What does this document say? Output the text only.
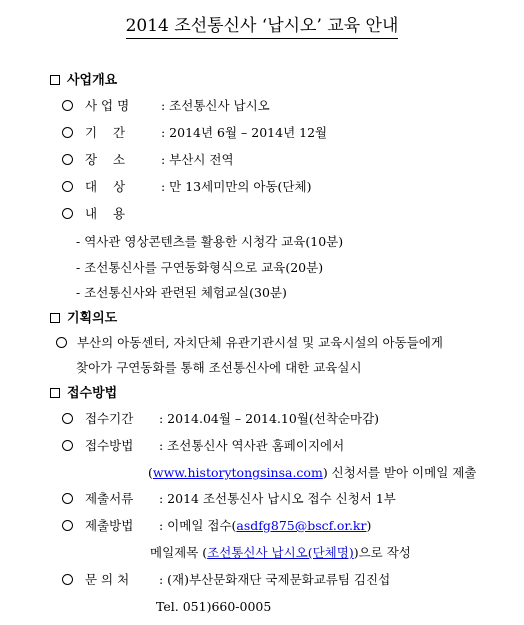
2014 조선통신사 ‘납시오’ 교육 안내
사업개요
사 업 명	: 조선통신사 납시오
기    간	: 2014년 6월 – 2014년 12월
장    소	: 부산시 전역
대    상	: 만 13세미만의 아동(단체)
내    용
- 역사관 영상콘텐츠를 활용한 시청각 교육(10분)
- 조선통신사를 구연동화형식으로 교육(20분)
- 조선통신사와 관련된 체험교실(30분)
기획의도
부산의 아동센터, 자치단체 유관기관시설 및 교육시설의 아동들에게
찾아가 구연동화를 통해 조선통신사에 대한 교육실시
접수방법
접수기간 : 2014.04월 – 2014.10월(선착순마감)
접수방법 : 조선통신사 역사관 홈페이지에서
(www.historytongsinsa.com) 신청서를 받아 이메일 제출
제출서류 : 2014 조선통신사 납시오 접수 신청서 1부
제출방법 : 이메일 접수(asdfg875@bscf.or.kr)
메일제목 (조선통신사 납시오(단체명))으로 작성
문 의 처 : (재)부산문화재단 국제문화교류팀 김진섭
Tel. 051)660-0005
